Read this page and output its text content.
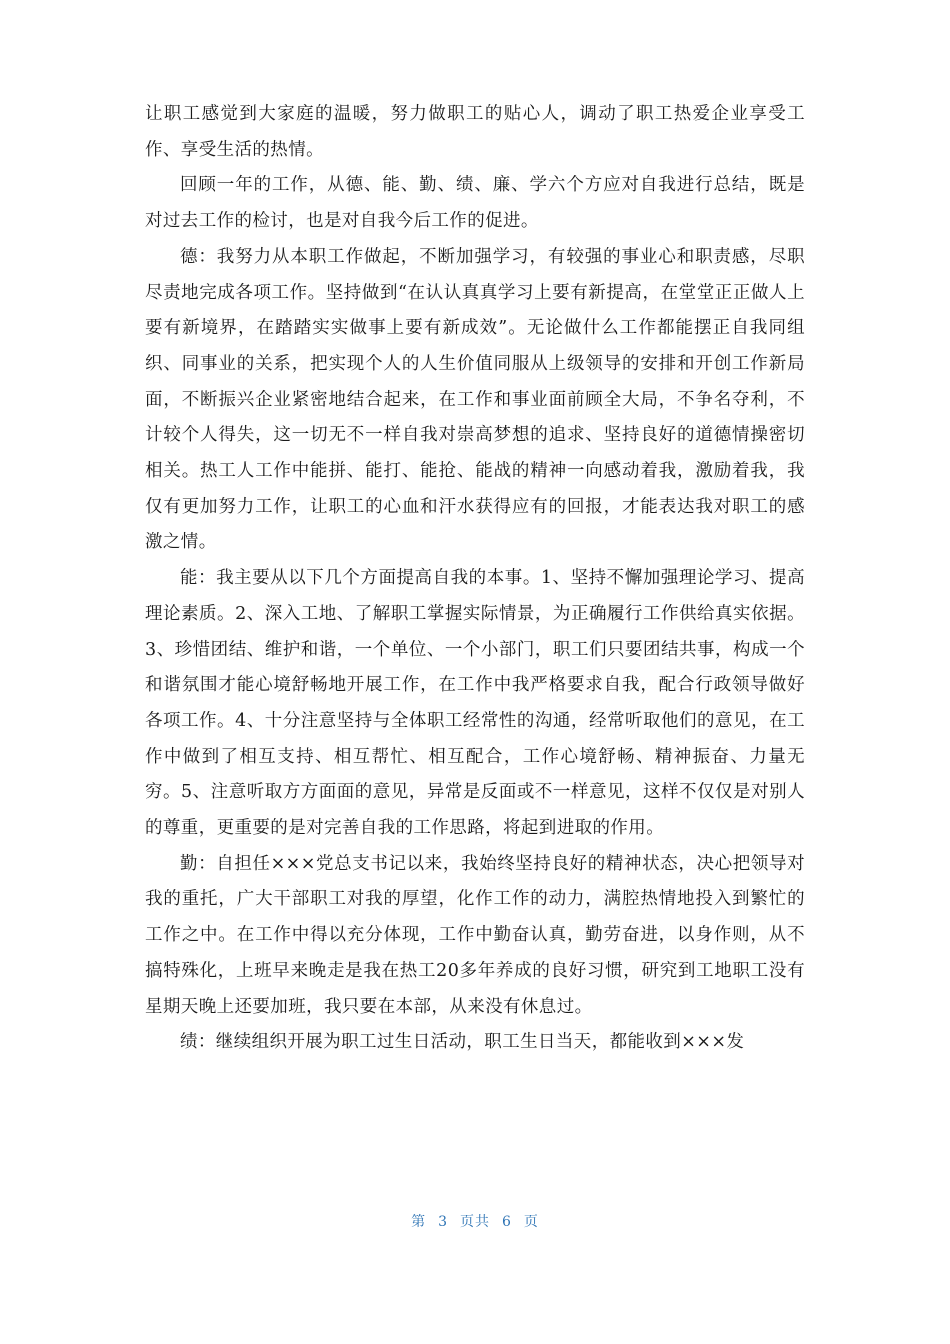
让职工感觉到大家庭的温暖，努力做职工的贴心人，调动了职工热爱企业享受工作、享受生活的热情。

回顾一年的工作，从德、能、勤、绩、廉、学六个方应对自我进行总结，既是对过去工作的检讨，也是对自我今后工作的促进。

德：我努力从本职工作做起，不断加强学习，有较强的事业心和职责感，尽职尽责地完成各项工作。坚持做到“在认认真真学习上要有新提高，在堂堂正正做人上要有新境界，在踏踏实实做事上要有新成效”。无论做什么工作都能摆正自我同组织、同事业的关系，把实现个人的人生价值同服从上级领导的安排和开创工作新局面，不断振兴企业紧密地结合起来，在工作和事业面前顾全大局，不争名夺利，不计较个人得失，这一切无不一样自我对崇高梦想的追求、坚持良好的道德情操密切相关。热工人工作中能拼、能打、能抢、能战的精神一向感动着我，激励着我，我仅有更加努力工作，让职工的心血和汗水获得应有的回报，才能表达我对职工的感激之情。

能：我主要从以下几个方面提高自我的本事。1、坚持不懈加强理论学习、提高理论素质。2、深入工地、了解职工掌握实际情景，为正确履行工作供给真实依据。3、珍惜团结、维护和谐，一个单位、一个小部门，职工们只要团结共事，构成一个和谐氛围才能心境舒畅地开展工作，在工作中我严格要求自我，配合行政领导做好各项工作。4、十分注意坚持与全体职工经常性的沟通，经常听取他们的意见，在工作中做到了相互支持、相互帮忙、相互配合，工作心境舒畅、精神振奋、力量无穷。5、注意听取方方面面的意见，异常是反面或不一样意见，这样不仅仅是对别人的尊重，更重要的是对完善自我的工作思路，将起到进取的作用。

勤：自担任×××党总支书记以来，我始终坚持良好的精神状态，决心把领导对我的重托，广大干部职工对我的厚望，化作工作的动力，满腔热情地投入到繁忙的工作之中。在工作中得以充分体现，工作中勤奋认真，勤劳奋进，以身作则，从不搞特殊化，上班早来晚走是我在热工20多年养成的良好习惯，研究到工地职工没有星期天晚上还要加班，我只要在本部，从来没有休息过。

绩：继续组织开展为职工过生日活动，职工生日当天，都能收到×××发

第 3 页共 6 页
